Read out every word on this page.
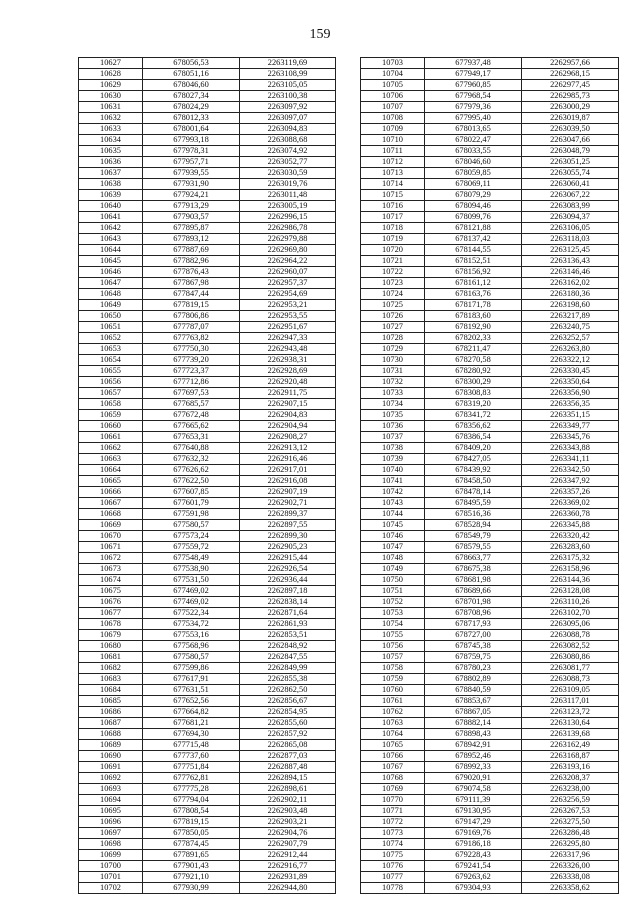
159
10627	678056,53	2263119,69
10628	678051,16	2263108,99
10629	678046,60	2263105,05
10630	678027,34	2263100,38
10631	678024,29	2263097,92
10632	678012,33	2263097,07
10633	678001,64	2263094,83
10634	677993,18	2263088,68
10635	677978,31	2263074,92
10636	677957,71	2263052,77
10637	677939,55	2263030,59
10638	677931,90	2263019,76
10639	677924,21	2263011,48
10640	677913,29	2263005,19
10641	677903,57	2262996,15
10642	677895,87	2262986,78
10643	677893,12	2262979,88
10644	677887,69	2262969,80
10645	677882,96	2262964,22
10646	677876,43	2262960,07
10647	677867,98	2262957,37
10648	677847,44	2262954,69
10649	677819,15	2262953,21
10650	677806,86	2262953,55
10651	677787,07	2262951,67
10652	677763,82	2262947,33
10653	677750,30	2262943,48
10654	677739,20	2262938,31
10655	677723,37	2262928,69
10656	677712,86	2262920,48
10657	677697,53	2262911,75
10658	677685,57	2262907,15
10659	677672,48	2262904,83
10660	677665,62	2262904,94
10661	677653,31	2262908,27
10662	677640,88	2262913,12
10663	677632,32	2262916,46
10664	677626,62	2262917,01
10665	677622,50	2262916,08
10666	677607,85	2262907,19
10667	677601,79	2262902,71
10668	677591,98	2262899,37
10669	677580,57	2262897,55
10670	677573,24	2262899,30
10671	677559,72	2262905,23
10672	677548,49	2262915,44
10673	677538,90	2262926,54
10674	677531,50	2262936,44
10675	677469,02	2262897,18
10676	677469,02	2262838,14
10677	677522,34	2262871,64
10678	677534,72	2262861,93
10679	677553,16	2262853,51
10680	677568,96	2262848,92
10681	677580,57	2262847,55
10682	677599,86	2262849,99
10683	677617,91	2262855,38
10684	677631,51	2262862,50
10685	677652,56	2262856,67
10686	677664,82	2262854,95
10687	677681,21	2262855,60
10688	677694,30	2262857,92
10689	677715,48	2262865,08
10690	677737,60	2262877,03
10691	677751,84	2262887,48
10692	677762,81	2262894,15
10693	677775,28	2262898,61
10694	677794,04	2262902,11
10695	677808,54	2262903,48
10696	677819,15	2262903,21
10697	677850,05	2262904,76
10698	677874,45	2262907,79
10699	677891,65	2262912,44
10700	677901,43	2262916,77
10701	677921,10	2262931,89
10702	677930,99	2262944,80
10703	677937,48	2262957,66
10704	677949,17	2262968,15
10705	677960,85	2262977,45
10706	677968,54	2262985,73
10707	677979,36	2263000,29
10708	677995,40	2263019,87
10709	678013,65	2263039,50
10710	678022,47	2263047,66
10711	678033,55	2263048,79
10712	678046,60	2263051,25
10713	678059,85	2263055,74
10714	678069,11	2263060,41
10715	678079,29	2263067,22
10716	678094,46	2263083,99
10717	678099,76	2263094,37
10718	678121,88	2263106,05
10719	678137,42	2263118,03
10720	678144,55	2263125,45
10721	678152,51	2263136,43
10722	678156,92	2263146,46
10723	678161,12	2263162,02
10724	678163,76	2263180,36
10725	678171,78	2263198,60
10726	678183,60	2263217,89
10727	678192,90	2263240,75
10728	678202,33	2263252,57
10729	678211,47	2263263,80
10730	678270,58	2263322,12
10731	678280,92	2263330,45
10732	678300,29	2263350,64
10733	678308,83	2263356,90
10734	678319,20	2263356,35
10735	678341,72	2263351,15
10736	678356,62	2263349,77
10737	678386,54	2263345,76
10738	678409,20	2263343,88
10739	678427,05	2263341,11
10740	678439,92	2263342,50
10741	678458,50	2263347,92
10742	678478,14	2263357,26
10743	678495,59	2263369,02
10744	678516,36	2263360,78
10745	678528,94	2263345,88
10746	678549,79	2263320,42
10747	678579,55	2263283,60
10748	678663,77	2263175,32
10749	678675,38	2263158,96
10750	678681,98	2263144,36
10751	678689,66	2263128,08
10752	678701,98	2263110,26
10753	678708,96	2263102,70
10754	678717,93	2263095,06
10755	678727,00	2263088,78
10756	678745,38	2263082,52
10757	678759,75	2263080,86
10758	678780,23	2263081,77
10759	678802,89	2263088,73
10760	678840,59	2263109,05
10761	678853,67	2263117,01
10762	678867,05	2263123,72
10763	678882,14	2263130,64
10764	678898,43	2263139,68
10765	678942,91	2263162,49
10766	678952,46	2263168,87
10767	678992,33	2263193,16
10768	679020,91	2263208,37
10769	679074,58	2263238,00
10770	679111,39	2263256,59
10771	679130,95	2263267,53
10772	679147,29	2263275,50
10773	679169,76	2263286,48
10774	679186,18	2263295,80
10775	679228,43	2263317,96
10776	679241,54	2263326,00
10777	679263,62	2263338,08
10778	679304,93	2263358,62
